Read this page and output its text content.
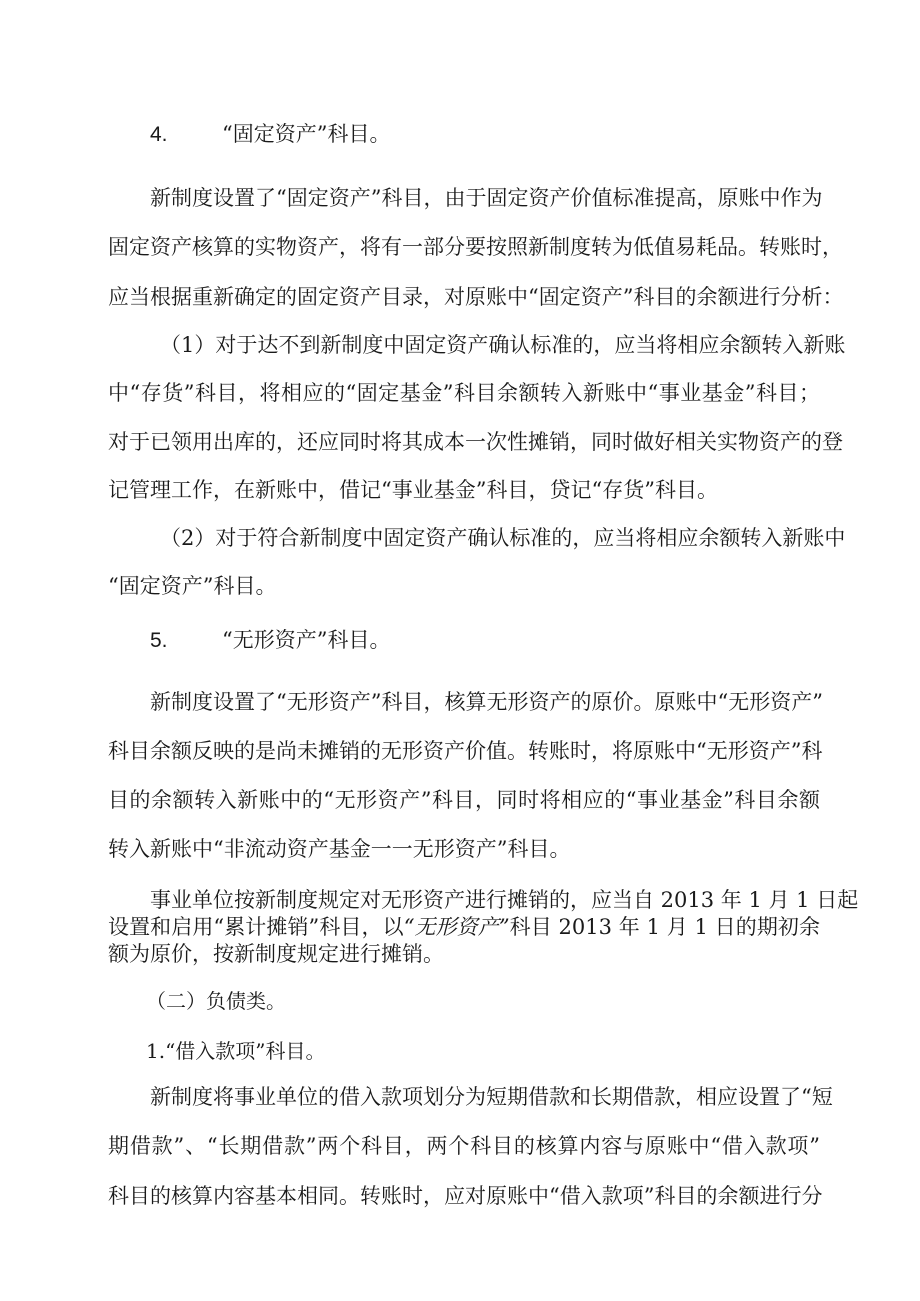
4.	“固定资产”科目。
新制度设置了“固定资产”科目，由于固定资产价值标准提高，原账中作为
固定资产核算的实物资产，将有一部分要按照新制度转为低值易耗品。转账时，
应当根据重新确定的固定资产目录，对原账中“固定资产”科目的余额进行分析：
（1）对于达不到新制度中固定资产确认标准的，应当将相应余额转入新账
中“存货”科目，将相应的“固定基金”科目余额转入新账中“事业基金”科目；
对于已领用出库的，还应同时将其成本一次性摊销，同时做好相关实物资产的登
记管理工作，在新账中，借记“事业基金”科目，贷记“存货”科目。
（2）对于符合新制度中固定资产确认标准的，应当将相应余额转入新账中
“固定资产”科目。
5.	“无形资产”科目。
新制度设置了“无形资产”科目，核算无形资产的原价。原账中“无形资产”
科目余额反映的是尚未摊销的无形资产价值。转账时，将原账中“无形资产”科
目的余额转入新账中的“无形资产”科目，同时将相应的“事业基金”科目余额
转入新账中“非流动资产基金一一无形资产”科目。
事业单位按新制度规定对无形资产进行摊销的，应当自 2013 年 1 月 1 日起
设置和启用“累计摊销”科目，以“无形资产”科目 2013 年 1 月 1 日的期初余
额为原价，按新制度规定进行摊销。
（二）负债类。
1.“借入款项”科目。
新制度将事业单位的借入款项划分为短期借款和长期借款，相应设置了“短
期借款”、“长期借款”两个科目，两个科目的核算内容与原账中“借入款项”
科目的核算内容基本相同。转账时，应对原账中“借入款项”科目的余额进行分
